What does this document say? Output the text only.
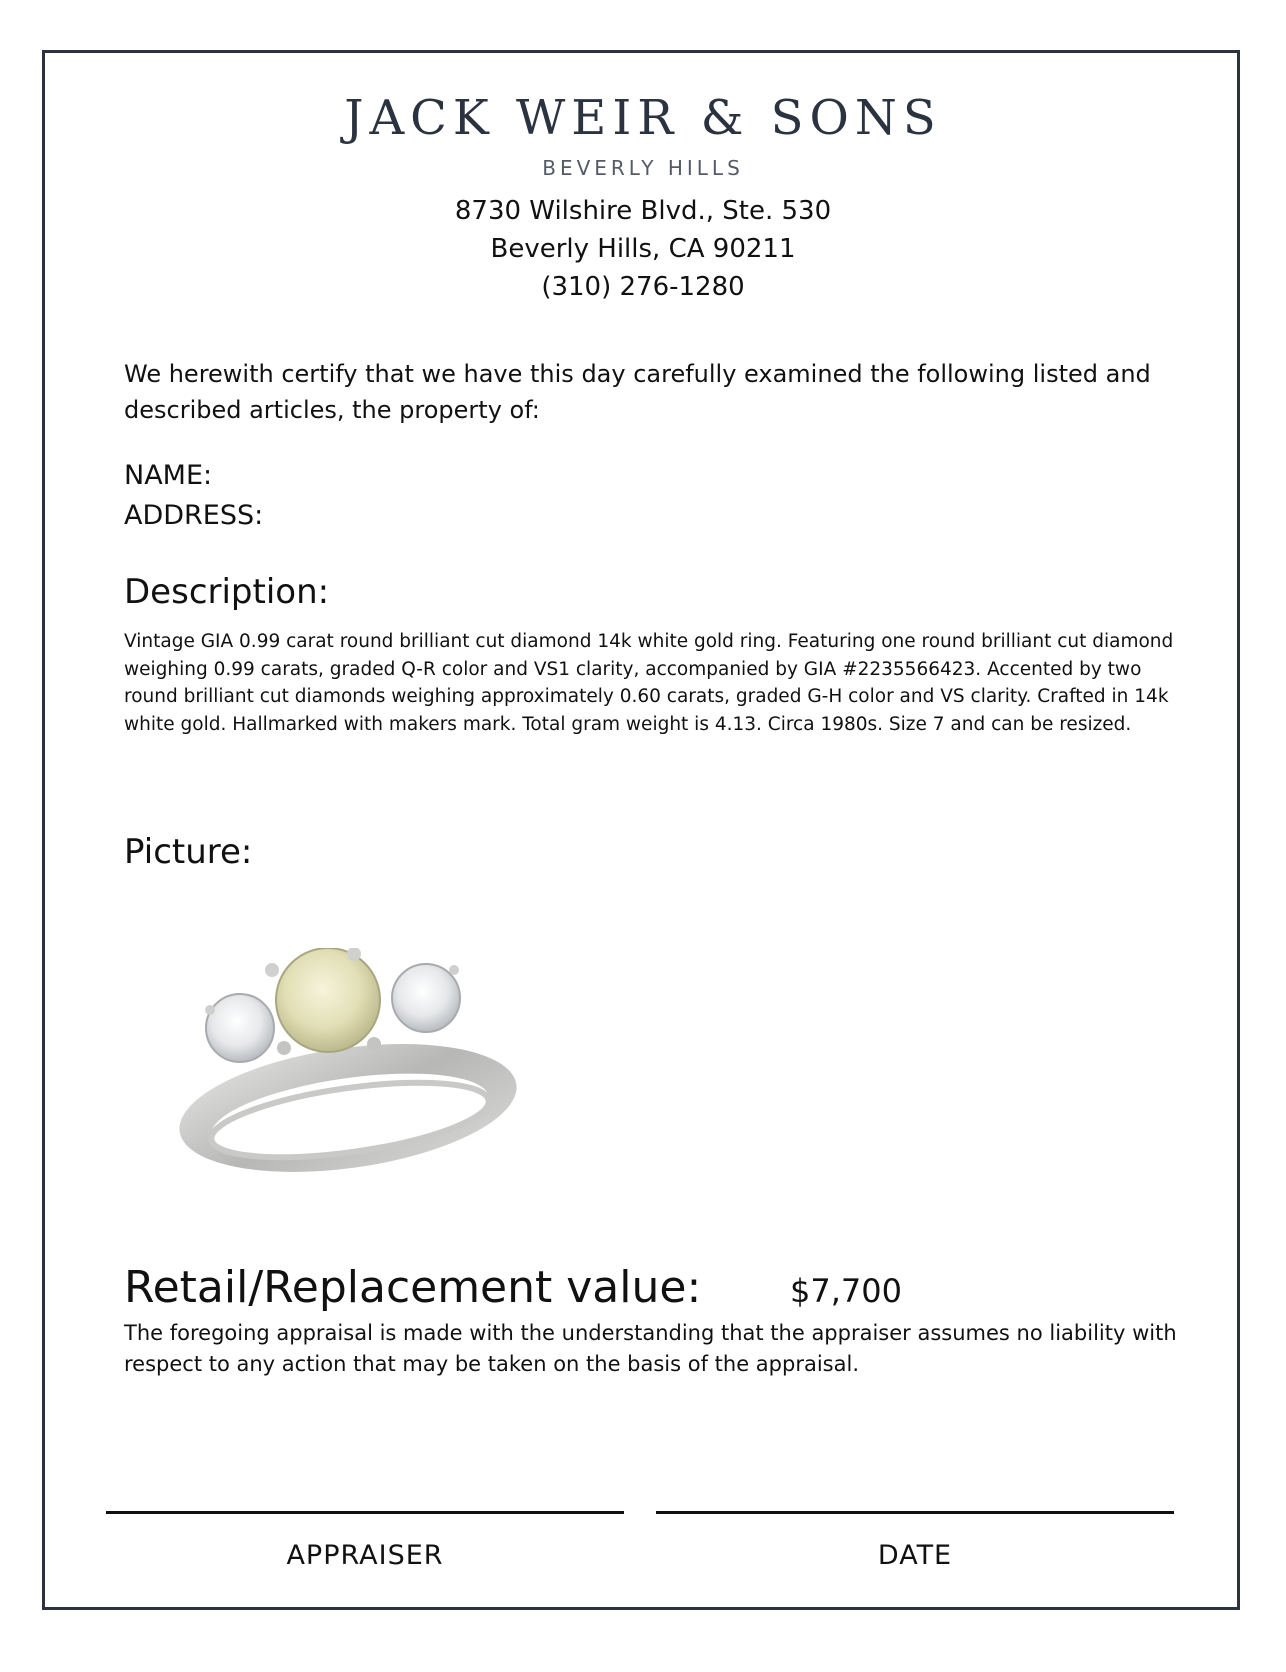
JACK WEIR & SONS
BEVERLY HILLS
8730 Wilshire Blvd., Ste. 530
Beverly Hills, CA 90211
(310) 276-1280
We herewith certify that we have this day carefully examined the following listed and described articles, the property of:
NAME:
ADDRESS:
Description:
Vintage GIA 0.99 carat round brilliant cut diamond 14k white gold ring. Featuring one round brilliant cut diamond weighing 0.99 carats, graded Q-R color and VS1 clarity, accompanied by GIA #2235566423. Accented by two round brilliant cut diamonds weighing approximately 0.60 carats, graded G-H color and VS clarity. Crafted in 14k white gold. Hallmarked with makers mark. Total gram weight is 4.13. Circa 1980s. Size 7 and can be resized.
Picture:
Retail/Replacement value:	$7,700
The foregoing appraisal is made with the understanding that the appraiser assumes no liability with respect to any action that may be taken on the basis of the appraisal.
APPRAISER	DATE
